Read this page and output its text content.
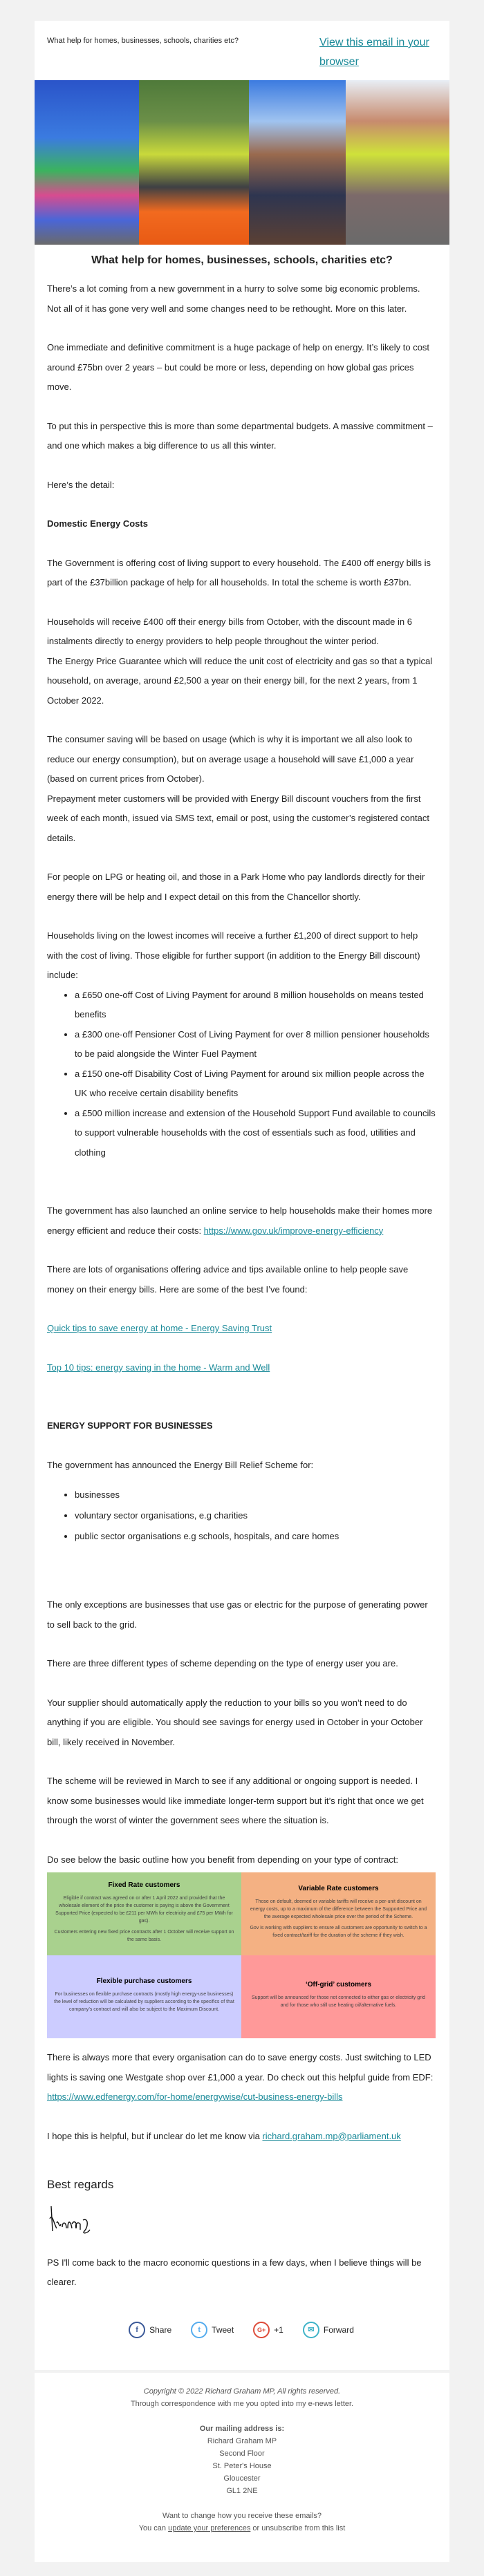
What help for homes, businesses, schools, charities etc?	View this email in your browser
What help for homes, businesses, schools, charities etc?

There’s a lot coming from a new government in a hurry to solve some big economic problems. Not all of it has gone very well and some changes need to be rethought. More on this later.

One immediate and definitive commitment is a huge package of help on energy. It’s likely to cost around £75bn over 2 years – but could be more or less, depending on how global gas prices move.

To put this in perspective this is more than some departmental budgets. A massive commitment – and one which makes a big difference to us all this winter.

Here’s the detail:

Domestic Energy Costs

The Government is offering cost of living support to every household. The £400 off energy bills is part of the £37billion package of help for all households. In total the scheme is worth £37bn.

Households will receive £400 off their energy bills from October, with the discount made in 6 instalments directly to energy providers to help people throughout the winter period.

The Energy Price Guarantee which will reduce the unit cost of electricity and gas so that a typical household, on average, around £2,500 a year on their energy bill, for the next 2 years, from 1 October 2022.

The consumer saving will be based on usage (which is why it is important we all also look to reduce our energy consumption), but on average usage a household will save £1,000 a year (based on current prices from October).

Prepayment meter customers will be provided with Energy Bill discount vouchers from the first week of each month, issued via SMS text, email or post, using the customer’s registered contact details.

For people on LPG or heating oil, and those in a Park Home who pay landlords directly for their energy there will be help and I expect detail on this from the Chancellor shortly.

Households living on the lowest incomes will receive a further £1,200 of direct support to help with the cost of living. Those eligible for further support (in addition to the Energy Bill discount) include:

• a £650 one-off Cost of Living Payment for around 8 million households on means tested benefits
• a £300 one-off Pensioner Cost of Living Payment for over 8 million pensioner households to be paid alongside the Winter Fuel Payment
• a £150 one-off Disability Cost of Living Payment for around six million people across the UK who receive certain disability benefits
• a £500 million increase and extension of the Household Support Fund available to councils to support vulnerable households with the cost of essentials such as food, utilities and clothing

The government has also launched an online service to help households make their homes more energy efficient and reduce their costs: https://www.gov.uk/improve-energy-efficiency

There are lots of organisations offering advice and tips available online to help people save money on their energy bills. Here are some of the best I’ve found:

Quick tips to save energy at home - Energy Saving Trust

Top 10 tips: energy saving in the home - Warm and Well

ENERGY SUPPORT FOR BUSINESSES

The government has announced the Energy Bill Relief Scheme for:

• businesses
• voluntary sector organisations, e.g charities
• public sector organisations e.g schools, hospitals, and care homes

The only exceptions are businesses that use gas or electric for the purpose of generating power to sell back to the grid.

There are three different types of scheme depending on the type of energy user you are.

Your supplier should automatically apply the reduction to your bills so you won’t need to do anything if you are eligible. You should see savings for energy used in October in your October bill, likely received in November.

The scheme will be reviewed in March to see if any additional or ongoing support is needed. I know some businesses would like immediate longer-term support but it’s right that once we get through the worst of winter the government sees where the situation is.

Do see below the basic outline how you benefit from depending on your type of contract:

Fixed Rate customers

Eligible if contract was agreed on or after 1 April 2022 and provided that the wholesale element of the price the customer is paying is above the Government Supported Price (expected to be £211 per MWh for electricity and £75 per MWh for gas).

Customers entering new fixed price contracts after 1 October will receive support on the same basis.

Variable Rate customers

Those on default, deemed or variable tariffs will receive a per-unit discount on energy costs, up to a maximum of the difference between the Supported Price and the average expected wholesale price over the period of the Scheme.

Gov is working with suppliers to ensure all customers are opportunity to switch to a fixed contract/tariff for the duration of the scheme if they wish.

Flexible purchase customers

For businesses on flexible purchase contracts (mostly high energy-use businesses) the level of reduction will be calculated by suppliers according to the specifics of that company’s contract and will also be subject to the Maximum Discount.

‘Off-grid’ customers

Support will be announced for those not connected to either gas or electricity grid and for those who still use heating oil/alternative fuels.

There is always more that every organisation can do to save energy costs. Just switching to LED lights is saving one Westgate shop over £1,000 a year. Do check out this helpful guide from EDF:
https://www.edfenergy.com/for-home/energywise/cut-business-energy-bills

I hope this is helpful, but if unclear do let me know via richard.graham.mp@parliament.uk

Best regards

PS I'll come back to the macro economic questions in a few days, when I believe things will be clearer.

f	Share	t	Tweet	G+ +1	✉	Forward
Copyright © 2022 Richard Graham MP, All rights reserved.
Through correspondence with me you opted into my e-news letter.
Our mailing address is:
Richard Graham MP
Second Floor
St. Peter's House
Gloucester
GL1 2NE
Want to change how you receive these emails?
You can update your preferences or unsubscribe from this list
